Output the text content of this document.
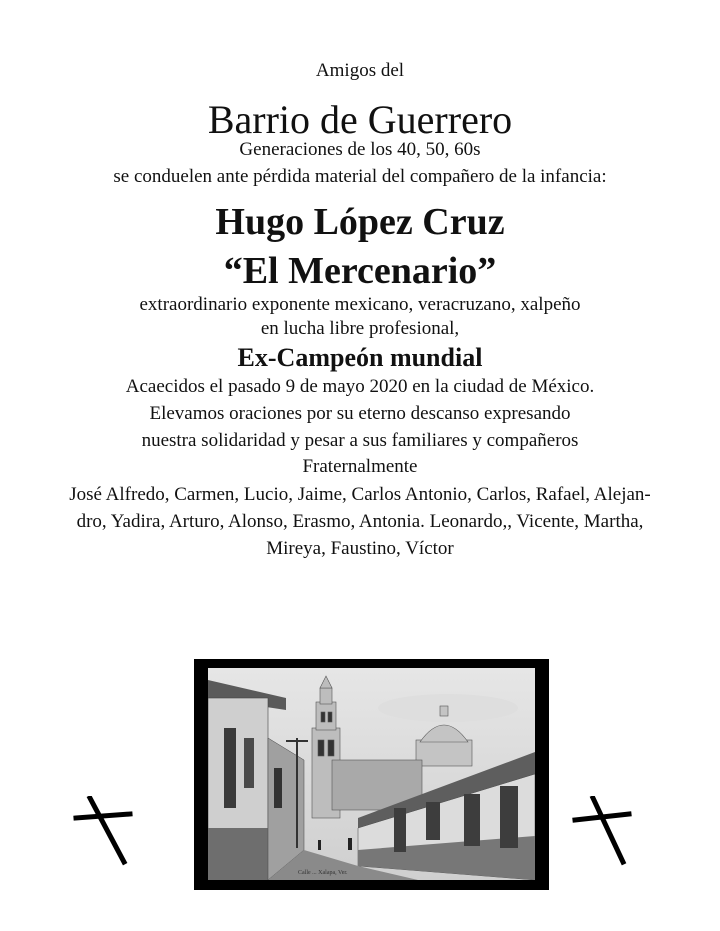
Amigos del
Barrio de Guerrero
Generaciones de los 40, 50, 60s
se conduelen ante pérdida material del compañero de la infancia:
Hugo López Cruz
“El Mercenario”
extraordinario exponente mexicano, veracruzano, xalpeño
en lucha libre profesional,
Ex-Campeón mundial
Acaecidos el pasado 9 de mayo 2020 en la ciudad de México.
Elevamos oraciones por su eterno descanso expresando
nuestra solidaridad y pesar a sus familiares y compañeros
Fraternalmente
José Alfredo, Carmen, Lucio, Jaime, Carlos Antonio, Carlos, Rafael, Alejan-
dro, Yadira, Arturo, Alonso, Erasmo, Antonia. Leonardo,, Vicente, Martha,
Mireya, Faustino, Víctor
Calle ... Xalapa, Ver.
